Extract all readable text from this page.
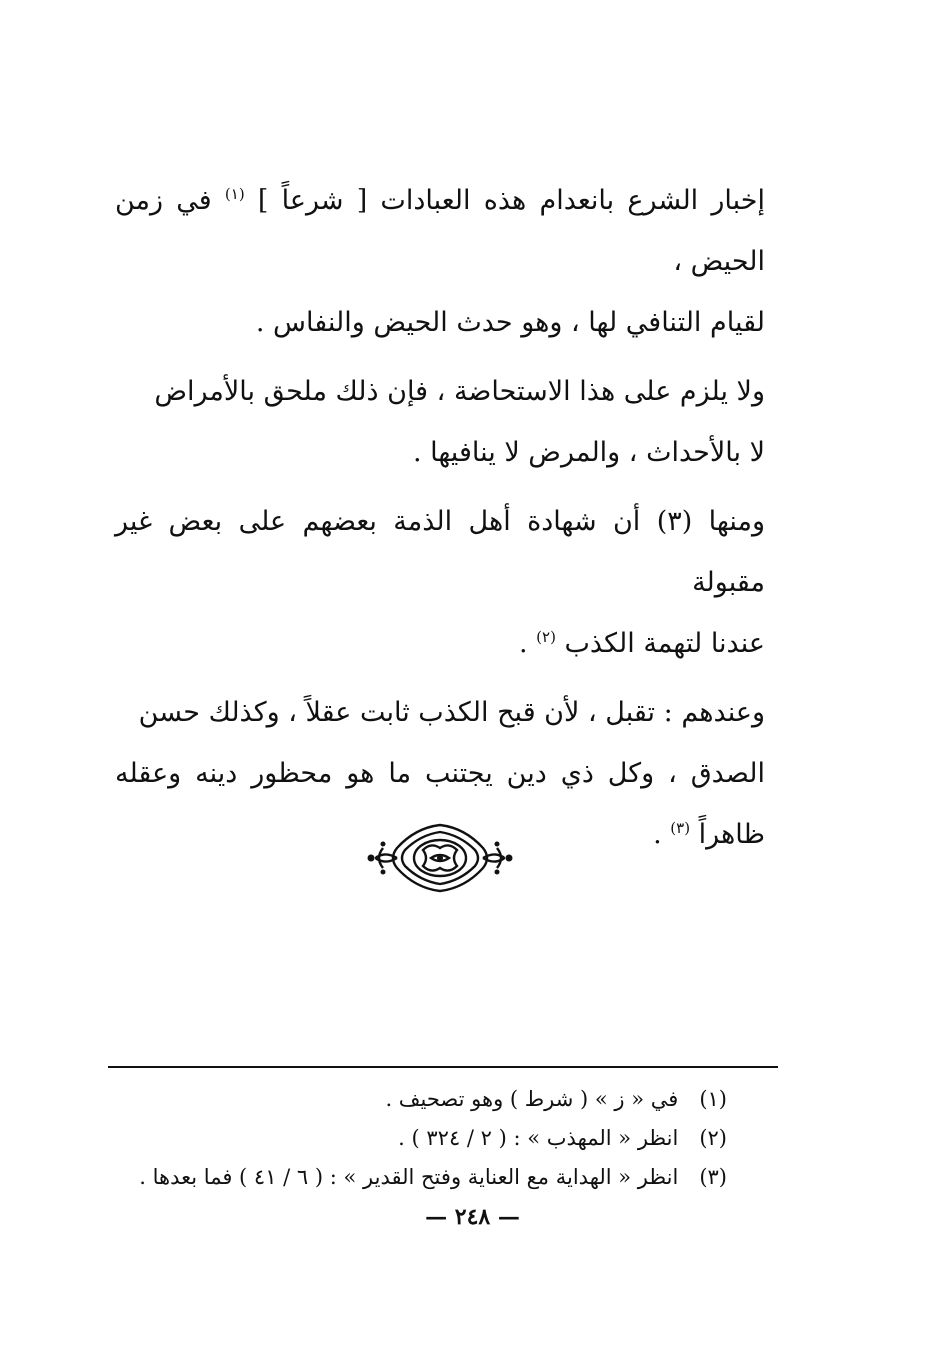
إخبار الشرع بانعدام هذه العبادات [ شرعاً ] $^{(١)}$ في زمن الحيض ،
لقيام التنافي لها ، وهو حدث الحيض والنفاس .

ولا يلزم على هذا الاستحاضة ، فإن ذلك ملحق بالأمراض
لا بالأحداث ، والمرض لا ينافيها .

ومنها (٣) أن شهادة أهل الذمة بعضهم على بعض غير مقبولة
عندنا لتهمة الكذب $^{(٢)}$ .

وعندهم : تقبل ، لأن قبح الكذب ثابت عقلاً ، وكذلك حسن
الصدق ، وكل ذي دين يجتنب ما هو محظور دينه وعقله ظاهراً $^{(٣)}$ .

(١) في « ز » ( شرط ) وهو تصحيف .
(٢) انظر « المهذب » : ( ٢ / ٣٢٤ ) .
(٣) انظر « الهداية مع العناية وفتح القدير » : ( ٦ / ٤١ ) فما بعدها .
— ٢٤٨ —
